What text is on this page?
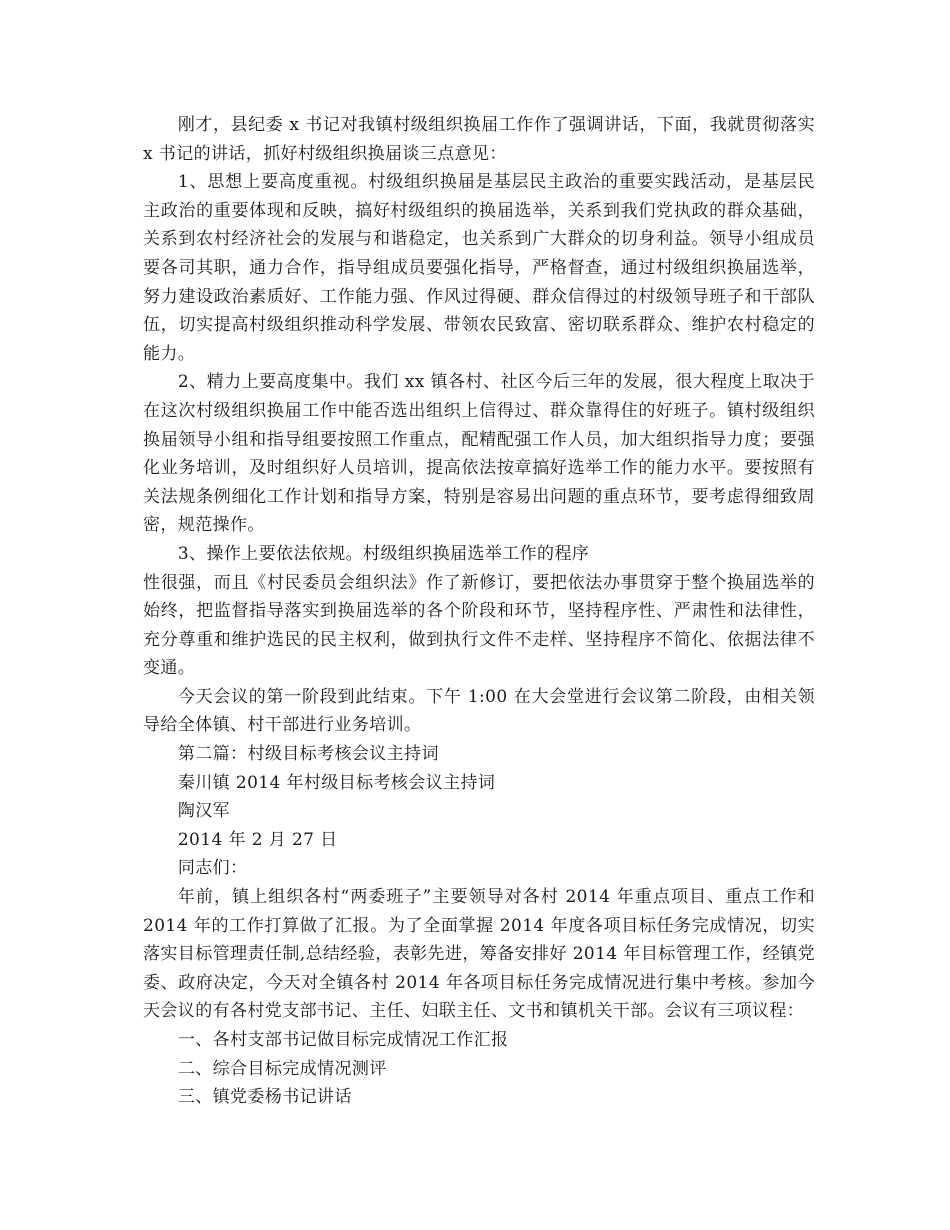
刚才，县纪委 x 书记对我镇村级组织换届工作作了强调讲话，下面，我就贯彻落实 x 书记的讲话，抓好村级组织换届谈三点意见：

1、思想上要高度重视。村级组织换届是基层民主政治的重要实践活动，是基层民主政治的重要体现和反映，搞好村级组织的换届选举，关系到我们党执政的群众基础，关系到农村经济社会的发展与和谐稳定，也关系到广大群众的切身利益。领导小组成员要各司其职，通力合作，指导组成员要强化指导，严格督查，通过村级组织换届选举，努力建设政治素质好、工作能力强、作风过得硬、群众信得过的村级领导班子和干部队伍，切实提高村级组织推动科学发展、带领农民致富、密切联系群众、维护农村稳定的能力。

2、精力上要高度集中。我们 xx 镇各村、社区今后三年的发展，很大程度上取决于在这次村级组织换届工作中能否选出组织上信得过、群众靠得住的好班子。镇村级组织换届领导小组和指导组要按照工作重点，配精配强工作人员，加大组织指导力度；要强化业务培训，及时组织好人员培训，提高依法按章搞好选举工作的能力水平。要按照有关法规条例细化工作计划和指导方案，特别是容易出问题的重点环节，要考虑得细致周密，规范操作。

3、操作上要依法依规。村级组织换届选举工作的程序

性很强，而且《村民委员会组织法》作了新修订，要把依法办事贯穿于整个换届选举的始终，把监督指导落实到换届选举的各个阶段和环节，坚持程序性、严肃性和法律性，充分尊重和维护选民的民主权利，做到执行文件不走样、坚持程序不简化、依据法律不变通。

今天会议的第一阶段到此结束。下午 1:00 在大会堂进行会议第二阶段，由相关领导给全体镇、村干部进行业务培训。

第二篇：村级目标考核会议主持词

秦川镇 2014 年村级目标考核会议主持词

陶汉军

2014 年 2 月 27 日

同志们：

年前，镇上组织各村“两委班子”主要领导对各村 2014 年重点项目、重点工作和 2014 年的工作打算做了汇报。为了全面掌握 2014 年度各项目标任务完成情况，切实落实目标管理责任制,总结经验，表彰先进，筹备安排好 2014 年目标管理工作，经镇党委、政府决定，今天对全镇各村 2014 年各项目标任务完成情况进行集中考核。参加今天会议的有各村党支部书记、主任、妇联主任、文书和镇机关干部。会议有三项议程：

一、各村支部书记做目标完成情况工作汇报

二、综合目标完成情况测评

三、镇党委杨书记讲话
